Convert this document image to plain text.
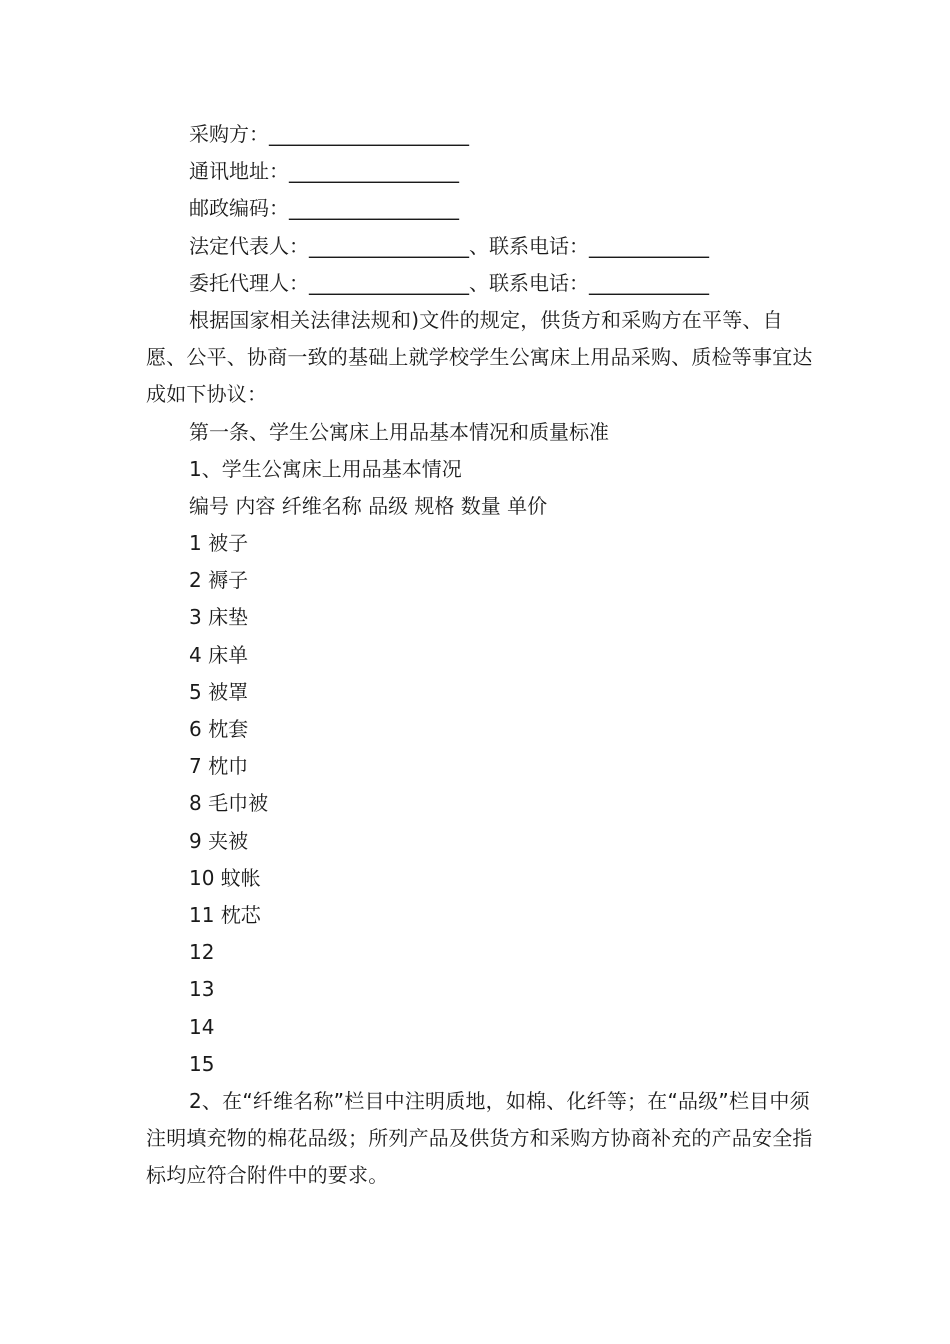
采购方：____________________
通讯地址：_________________
邮政编码：_________________
法定代表人：________________、联系电话：____________
委托代理人：________________、联系电话：____________
根据国家相关法律法规和)文件的规定，供货方和采购方在平等、自愿、公平、协商一致的基础上就学校学生公寓床上用品采购、质检等事宜达成如下协议：
第一条、学生公寓床上用品基本情况和质量标准
1、学生公寓床上用品基本情况
编号 内容 纤维名称 品级 规格 数量 单价
1 被子
2 褥子
3 床垫
4 床单
5 被罩
6 枕套
7 枕巾
8 毛巾被
9 夹被
10 蚊帐
11 枕芯
12
13
14
15
2、在“纤维名称”栏目中注明质地，如棉、化纤等；在“品级”栏目中须注明填充物的棉花品级；所列产品及供货方和采购方协商补充的产品安全指标均应符合附件中的要求。
